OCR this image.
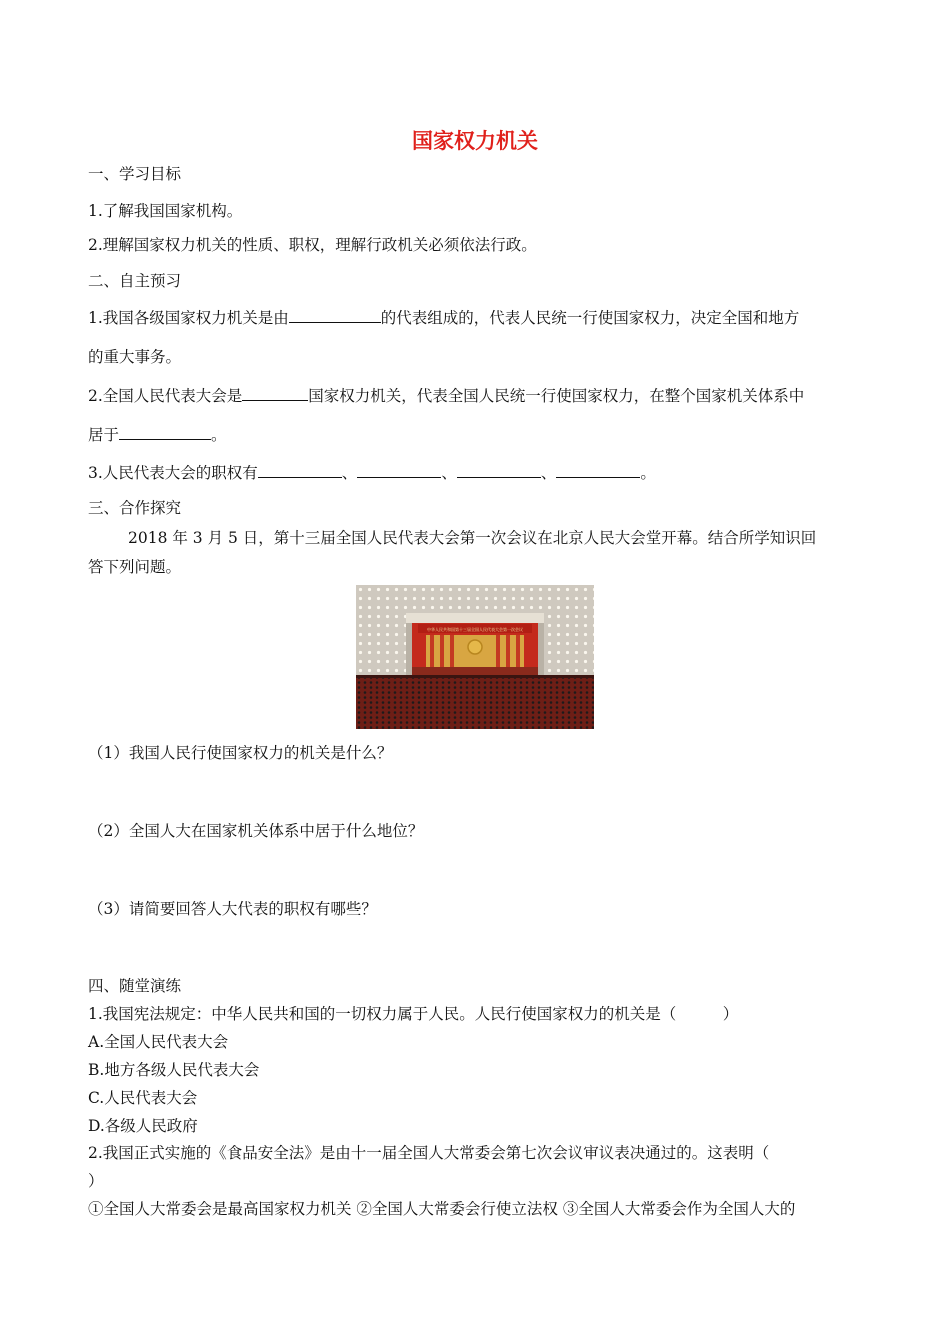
国家权力机关
一、学习目标
1.了解我国国家机构。
2.理解国家权力机关的性质、职权，理解行政机关必须依法行政。
二、自主预习
1.我国各级国家权力机关是由	的代表组成的，代表人民统一行使国家权力，决定全国和地方
的重大事务。
2.全国人民代表大会是	国家权力机关，代表全国人民统一行使国家权力，在整个国家机关体系中
居于	。
3.人民代表大会的职权有	、	、	、	。
三、合作探究
2018 年 3 月 5 日，第十三届全国人民代表大会第一次会议在北京人民大会堂开幕。结合所学知识回
答下列问题。
中华人民共和国第十三届全国人民代表大会第一次会议
（1）我国人民行使国家权力的机关是什么？
（2）全国人大在国家机关体系中居于什么地位？
（3）请简要回答人大代表的职权有哪些？
四、随堂演练
1.我国宪法规定：中华人民共和国的一切权力属于人民。人民行使国家权力的机关是（　　　）
A.全国人民代表大会
B.地方各级人民代表大会
C.人民代表大会
D.各级人民政府
2.我国正式实施的《食品安全法》是由十一届全国人大常委会第七次会议审议表决通过的。这表明（
）
①全国人大常委会是最高国家权力机关 ②全国人大常委会行使立法权 ③全国人大常委会作为全国人大的
